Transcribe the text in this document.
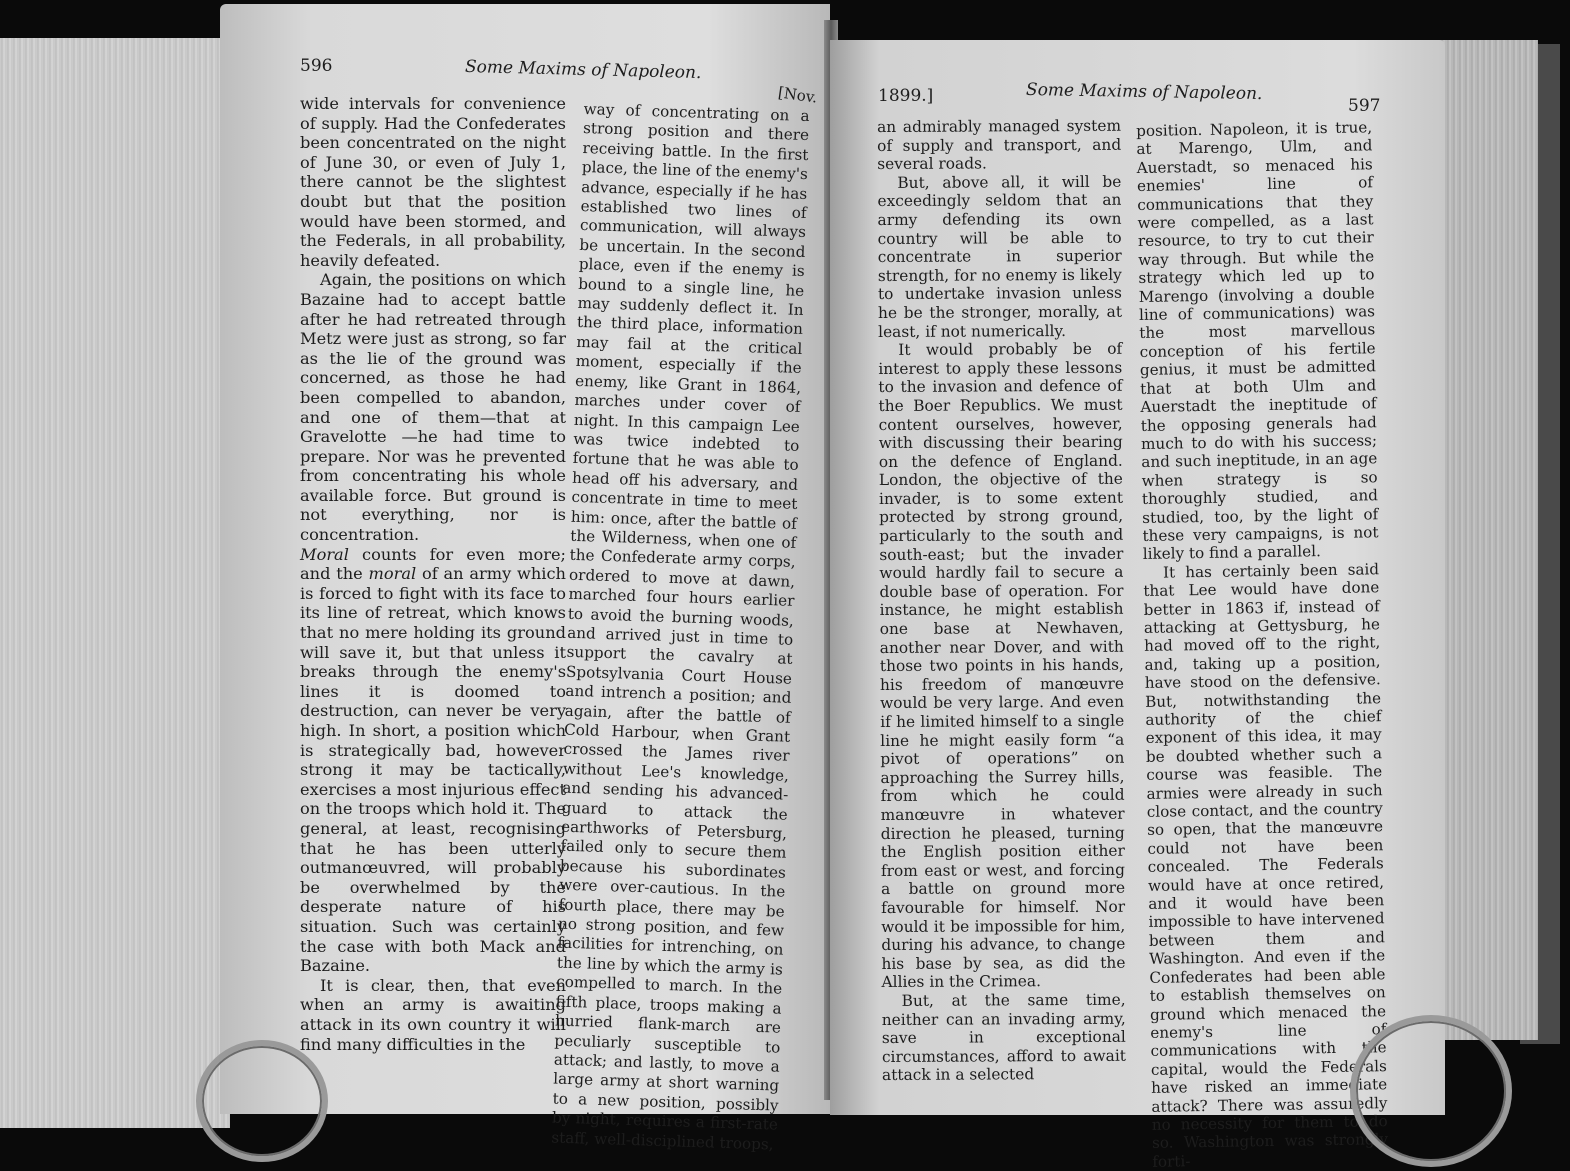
596	Some Maxims of Napoleon.
[Nov.

wide intervals for convenience of supply. Had the Confederates been concentrated on the night of June 30, or even of July 1, there cannot be the slightest doubt but that the position would have been stormed, and the Federals, in all probability, heavily defeated.

Again, the positions on which Bazaine had to accept battle after he had retreated through Metz were just as strong, so far as the lie of the ground was concerned, as those he had been compelled to abandon, and one of them—that at Gravelotte —he had time to prepare. Nor was he prevented from concentrating his whole available force. But ground is not everything, nor is concentration.

Moral counts for even more; and the moral of an army which is forced to fight with its face to its line of retreat, which knows that no mere holding its ground will save it, but that unless it breaks through the enemy's lines it is doomed to destruction, can never be very high. In short, a position which is strategically bad, however strong it may be tactically, exercises a most injurious effect on the troops which hold it. The general, at least, recognising that he has been utterly outmanœuvred, will probably be overwhelmed by the desperate nature of his situation. Such was certainly the case with both Mack and Bazaine.

It is clear, then, that even when an army is awaiting attack in its own country it will find many difficulties in the

way of concentrating on a strong position and there receiving battle. In the first place, the line of the enemy's advance, especially if he has established two lines of communication, will always be uncertain. In the second place, even if the enemy is bound to a single line, he may suddenly deflect it. In the third place, information may fail at the critical moment, especially if the enemy, like Grant in 1864, marches under cover of night. In this campaign Lee was twice indebted to fortune that he was able to head off his adversary, and concentrate in time to meet him: once, after the battle of the Wilderness, when one of the Confederate army corps, ordered to move at dawn, marched four hours earlier to avoid the burning woods, and arrived just in time to support the cavalry at Spotsylvania Court House and intrench a position; and again, after the battle of Cold Harbour, when Grant crossed the James river without Lee's knowledge, and sending his advanced-guard to attack the earthworks of Petersburg, failed only to secure them because his subordinates were over-cautious. In the fourth place, there may be no strong position, and few facilities for intrenching, on the line by which the army is compelled to march. In the fifth place, troops making a hurried flank-march are peculiarly susceptible to attack; and lastly, to move a large army at short warning to a new position, possibly by night, requires a first-rate staff, well-disciplined troops,

1899.]	Some Maxims of Napoleon.
597

an admirably managed system of supply and transport, and several roads.

But, above all, it will be exceedingly seldom that an army defending its own country will be able to concentrate in superior strength, for no enemy is likely to undertake invasion unless he be the stronger, morally, at least, if not numerically.

It would probably be of interest to apply these lessons to the invasion and defence of the Boer Republics. We must content ourselves, however, with discussing their bearing on the defence of England. London, the objective of the invader, is to some extent protected by strong ground, particularly to the south and south-east; but the invader would hardly fail to secure a double base of operation. For instance, he might establish one base at Newhaven, another near Dover, and with those two points in his hands, his freedom of manœuvre would be very large. And even if he limited himself to a single line he might easily form “a pivot of operations” on approaching the Surrey hills, from which he could manœuvre in whatever direction he pleased, turning the English position either from east or west, and forcing a battle on ground more favourable for himself. Nor would it be impossible for him, during his advance, to change his base by sea, as did the Allies in the Crimea.

But, at the same time, neither can an invading army, save in exceptional circumstances, afford to await attack in a selected

position. Napoleon, it is true, at Marengo, Ulm, and Auerstadt, so menaced his enemies' line of communications that they were compelled, as a last resource, to try to cut their way through. But while the strategy which led up to Marengo (involving a double line of communications) was the most marvellous conception of his fertile genius, it must be admitted that at both Ulm and Auerstadt the ineptitude of the opposing generals had much to do with his success; and such ineptitude, in an age when strategy is so thoroughly studied, and studied, too, by the light of these very campaigns, is not likely to find a parallel.

It has certainly been said that Lee would have done better in 1863 if, instead of attacking at Gettysburg, he had moved off to the right, and, taking up a position, have stood on the defensive. But, notwithstanding the authority of the chief exponent of this idea, it may be doubted whether such a course was feasible. The armies were already in such close contact, and the country so open, that the manœuvre could not have been concealed. The Federals would have at once retired, and it would have been impossible to have intervened between them and Washington. And even if the Confederates had been able to establish themselves on ground which menaced the enemy's line of communications with the capital, would the Federals have risked an immediate attack? There was assuredly no necessity for them to do so. Washington was strongly forti-
